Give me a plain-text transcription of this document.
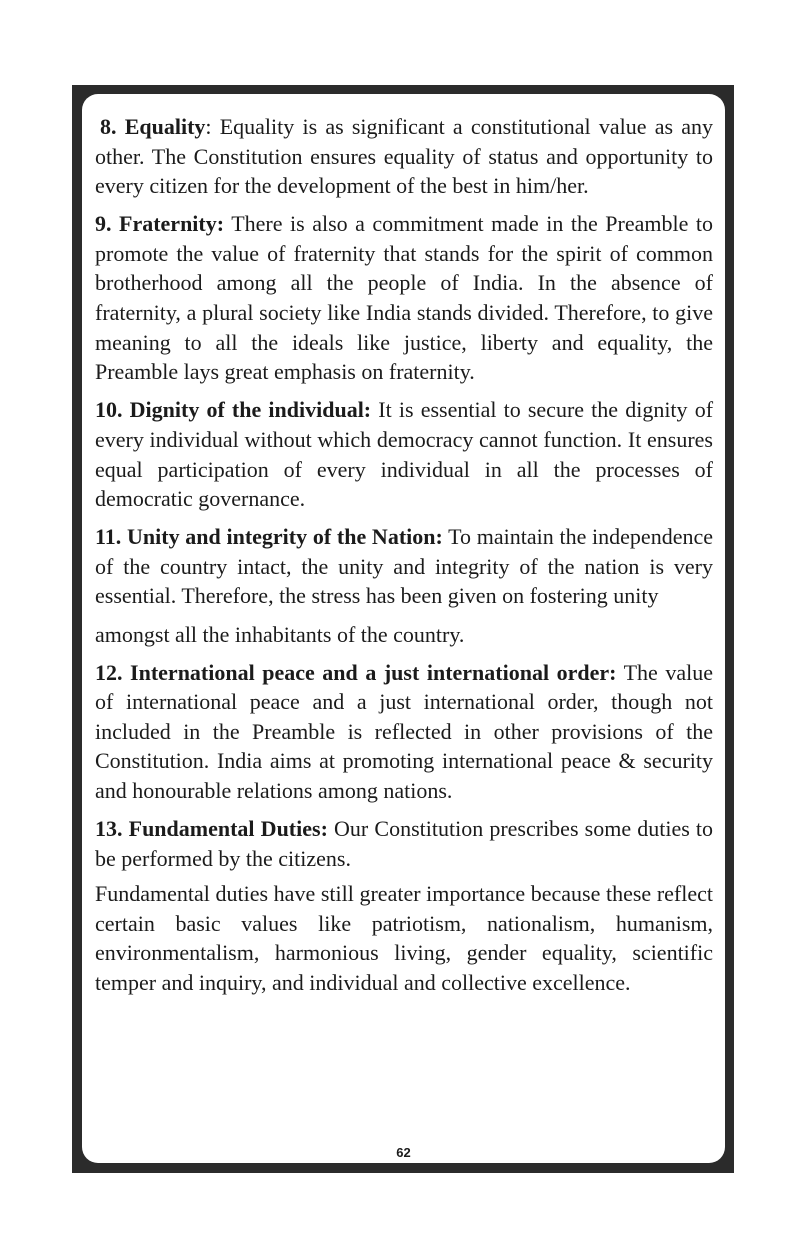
8. Equality: Equality is as significant a constitutional value as any other. The Constitution ensures equality of status and opportunity to every citizen for the development of the best in him/her.

9. Fraternity: There is also a commitment made in the Preamble to promote the value of fraternity that stands for the spirit of common brotherhood among all the people of India. In the absence of fraternity, a plural society like India stands divided. Therefore, to give meaning to all the ideals like justice, liberty and equality, the Preamble lays great emphasis on fraternity.

10. Dignity of the individual: It is essential to secure the dignity of every individual without which democracy cannot function. It ensures equal participation of every individual in all the processes of democratic governance.

11. Unity and integrity of the Nation: To maintain the independence of the country intact, the unity and integrity of the nation is very essential. Therefore, the stress has been given on fostering unity

amongst all the inhabitants of the country.

12. International peace and a just international order: The value of international peace and a just international order, though not included in the Preamble is reflected in other provisions of the Constitution. India aims at promoting international peace & security and honourable relations among nations.

13. Fundamental Duties: Our Constitution prescribes some duties to be performed by the citizens.

Fundamental duties have still greater importance because these reflect certain basic values like patriotism, nationalism, humanism, environmentalism, harmonious living, gender equality, scientific temper and inquiry, and individual and collective excellence.

62
